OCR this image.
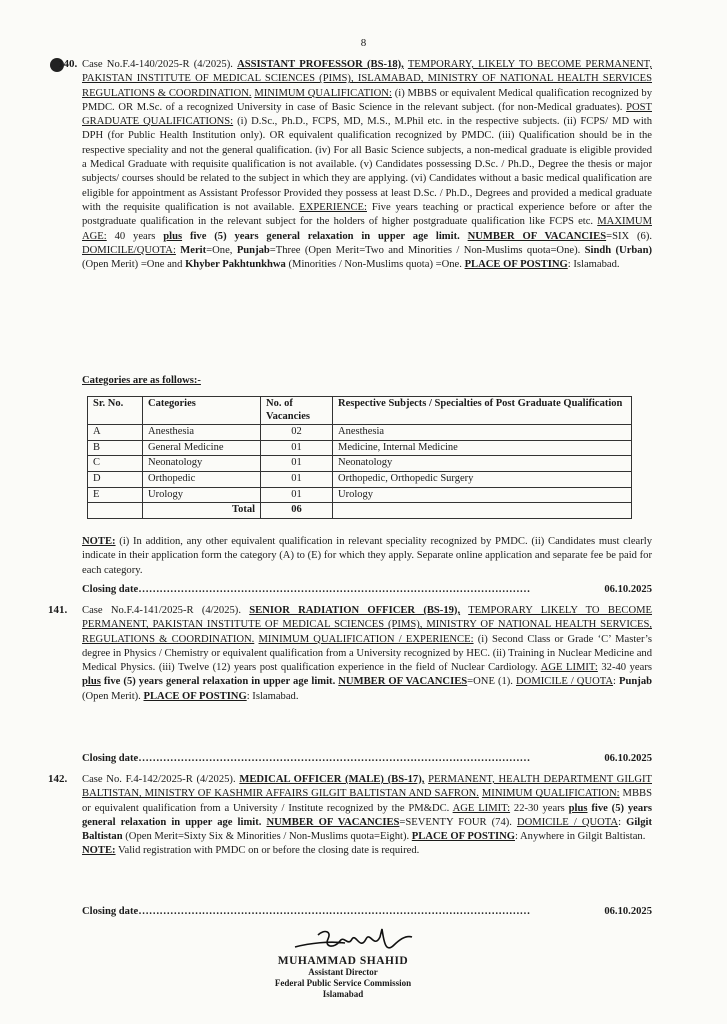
8
140. Case No.F.4-140/2025-R (4/2025). ASSISTANT PROFESSOR (BS-18), TEMPORARY, LIKELY TO BECOME PERMANENT, PAKISTAN INSTITUTE OF MEDICAL SCIENCES (PIMS), ISLAMABAD, MINISTRY OF NATIONAL HEALTH SERVICES REGULATIONS & COORDINATION. MINIMUM QUALIFICATION: (i) MBBS or equivalent Medical qualification recognized by PMDC. OR M.Sc. of a recognized University in case of Basic Science in the relevant subject. (for non-Medical graduates). POST GRADUATE QUALIFICATIONS: (i) D.Sc., Ph.D., FCPS, MD, M.S., M.Phil etc. in the respective subjects. (ii) FCPS/ MD with DPH (for Public Health Institution only). OR equivalent qualification recognized by PMDC. (iii) Qualification should be in the respective speciality and not the general qualification. (iv) For all Basic Science subjects, a non-medical graduate is eligible provided a Medical Graduate with requisite qualification is not available. (v) Candidates possessing D.Sc. / Ph.D., Degree the thesis or major subjects/ courses should be related to the subject in which they are applying. (vi) Candidates without a basic medical qualification are eligible for appointment as Assistant Professor Provided they possess at least D.Sc. / Ph.D., Degrees and provided a medical graduate with the requisite qualification is not available. EXPERIENCE: Five years teaching or practical experience before or after the postgraduate qualification in the relevant subject for the holders of higher postgraduate qualification like FCPS etc. MAXIMUM AGE: 40 years plus five (5) years general relaxation in upper age limit. NUMBER OF VACANCIES=SIX (6). DOMICILE/QUOTA: Merit=One, Punjab=Three (Open Merit=Two and Minorities / Non-Muslims quota=One). Sindh (Urban) (Open Merit) =One and Khyber Pakhtunkhwa (Minorities / Non-Muslims quota) =One. PLACE OF POSTING: Islamabad.
Categories are as follows:-
Sr. No.	Categories	No. of Vacancies	Respective Subjects / Specialties of Post Graduate Qualification
A	Anesthesia	02	Anesthesia
B	General Medicine	01	Medicine, Internal Medicine
C	Neonatology	01	Neonatology
D	Orthopedic	01	Orthopedic, Orthopedic Surgery
E	Urology	01	Urology
	Total	06	
NOTE: (i) In addition, any other equivalent qualification in relevant speciality recognized by PMDC. (ii) Candidates must clearly indicate in their application form the category (A) to (E) for which they apply. Separate online application and separate fee be paid for each category.
Closing date…………………………………………………………………………………………………	06.10.2025
141. Case No.F.4-141/2025-R (4/2025). SENIOR RADIATION OFFICER (BS-19), TEMPORARY LIKELY TO BECOME PERMANENT, PAKISTAN INSTITUTE OF MEDICAL SCIENCES (PIMS), MINISTRY OF NATIONAL HEALTH SERVICES, REGULATIONS & COORDINATION. MINIMUM QUALIFICATION / EXPERIENCE: (i) Second Class or Grade ‘C’ Master’s degree in Physics / Chemistry or equivalent qualification from a University recognized by HEC. (ii) Training in Nuclear Medicine and Medical Physics. (iii) Twelve (12) years post qualification experience in the field of Nuclear Cardiology. AGE LIMIT: 32-40 years plus five (5) years general relaxation in upper age limit. NUMBER OF VACANCIES=ONE (1). DOMICILE / QUOTA: Punjab (Open Merit). PLACE OF POSTING: Islamabad.
Closing date…………………………………………………………………………………………………	06.10.2025
142. Case No. F.4-142/2025-R (4/2025). MEDICAL OFFICER (MALE) (BS-17), PERMANENT, HEALTH DEPARTMENT GILGIT BALTISTAN, MINISTRY OF KASHMIR AFFAIRS GILGIT BALTISTAN AND SAFRON. MINIMUM QUALIFICATION: MBBS or equivalent qualification from a University / Institute recognized by the PM&DC. AGE LIMIT: 22-30 years plus five (5) years general relaxation in upper age limit. NUMBER OF VACANCIES=SEVENTY FOUR (74). DOMICILE / QUOTA: Gilgit Baltistan (Open Merit=Sixty Six & Minorities / Non-Muslims quota=Eight). PLACE OF POSTING: Anywhere in Gilgit Baltistan.
NOTE: Valid registration with PMDC on or before the closing date is required.
Closing date…………………………………………………………………………………………………	06.10.2025
MUHAMMAD SHAHID
Assistant Director
Federal Public Service Commission
Islamabad
